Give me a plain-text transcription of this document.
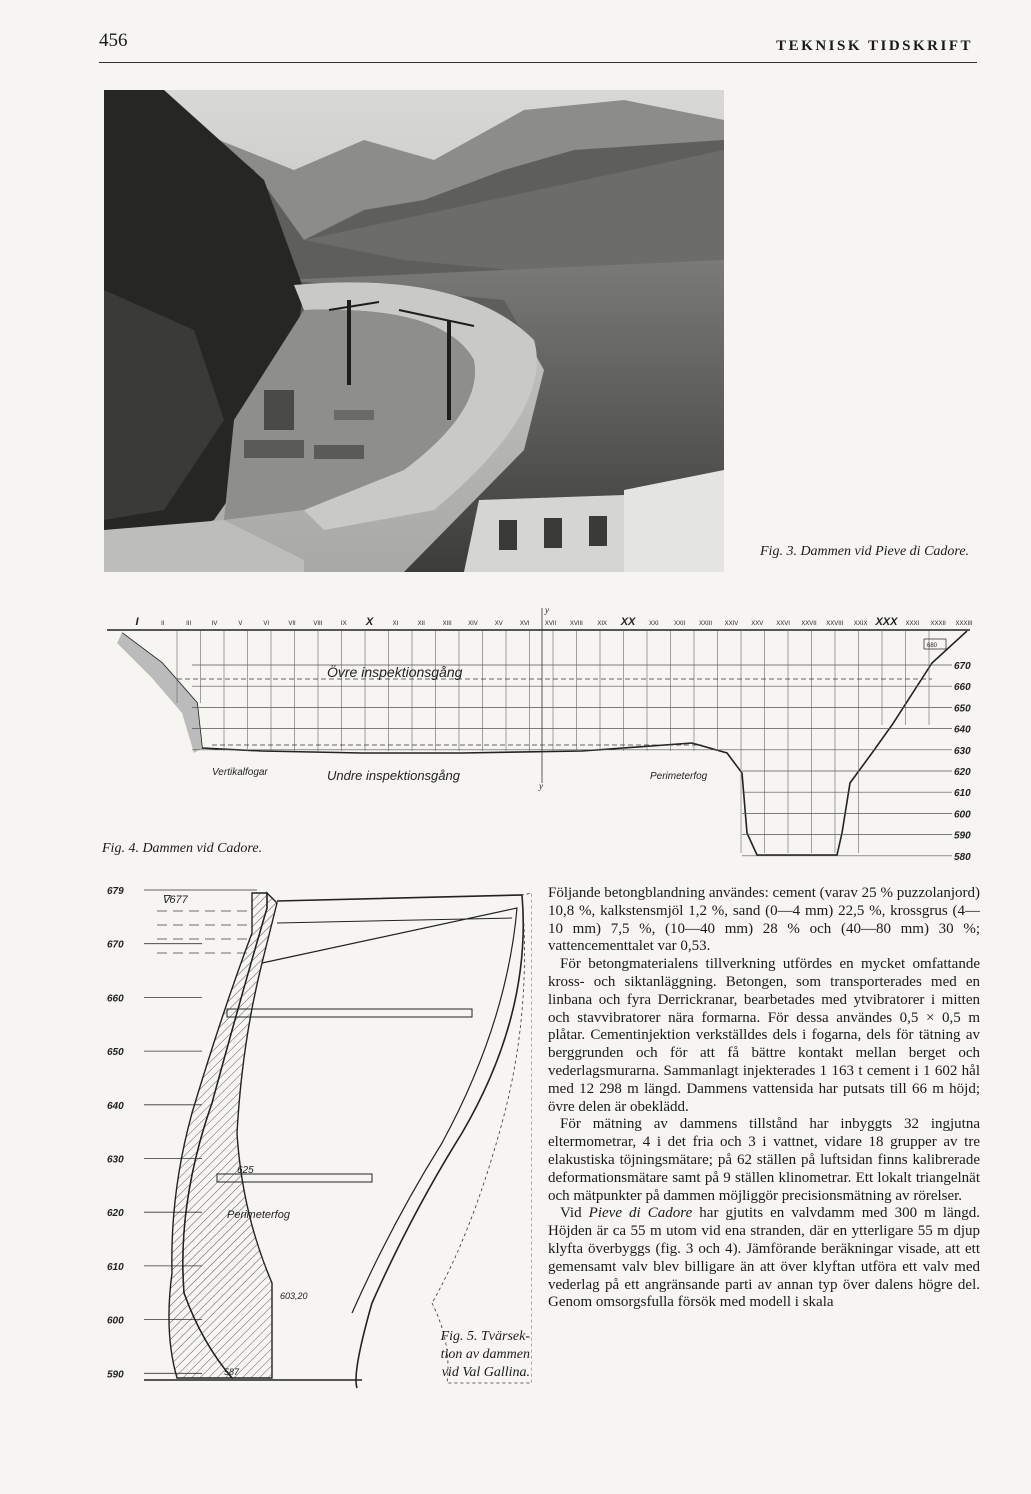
456	TEKNISK TIDSKRIFT
Fig. 3. Dammen vid Pieve di Cadore.
I	II	III	IV	V	VI	VII	VIII	IX X	XI	XII	XIII	XIV	XV	XVI	XVII XVIII XIX XX XXI	XXII XXIII XXIV XXV XXVI XXVII XXVIII XXIX XXX XXXI XXXII XXXIII
670
660
650
640
630
620
610
600
590
580
y
y
680
Övre inspektionsgång
Undre inspektionsgång
Vertikalfogar	Perimeterfog
Fig. 4. Dammen vid Cadore.
679
670
660
650
640
630
620
610
600
590
∇677
625
Perimeterfog
603,20
587
Fig. 5. Tvärsek-
tion av dammen
vid Val Gallina.

Följande betongblandning användes: cement (varav 25 % puzzolanjord) 10,8 %, kalkstensmjöl 1,2 %, sand (0—4 mm) 22,5 %, krossgrus (4—10 mm) 7,5 %, (10—40 mm) 28 % och (40—80 mm) 30 %; vattencementtalet var 0,53.

För betongmaterialens tillverkning utfördes en mycket omfattande kross- och siktanläggning. Betongen, som transporterades med en linbana och fyra Derrickranar, bearbetades med ytvibratorer i mitten och stavvibratorer nära formarna. För dessa användes 0,5 × 0,5 m plåtar. Cementinjektion verkställdes dels i fogarna, dels för tätning av berggrunden och för att få bättre kontakt mellan berget och vederlagsmurarna. Sammanlagt injekterades 1 163 t cement i 1 602 hål med 12 298 m längd. Dammens vattensida har putsats till 66 m höjd; övre delen är obeklädd.

För mätning av dammens tillstånd har inbyggts 32 ingjutna eltermometrar, 4 i det fria och 3 i vattnet, vidare 18 grupper av tre elakustiska töjningsmätare; på 62 ställen på luftsidan finns kalibrerade deformationsmätare samt på 9 ställen klinometrar. Ett lokalt triangelnät och mätpunkter på dammen möjliggör precisionsmätning av rörelser.

Vid Pieve di Cadore har gjutits en valvdamm med 300 m längd. Höjden är ca 55 m utom vid ena stranden, där en ytterligare 55 m djup klyfta överbyggs (fig. 3 och 4). Jämförande beräkningar visade, att ett gemensamt valv blev billigare än att över klyftan utföra ett valv med vederlag på ett angränsande parti av annan typ över dalens högre del. Genom omsorgsfulla försök med modell i skala
